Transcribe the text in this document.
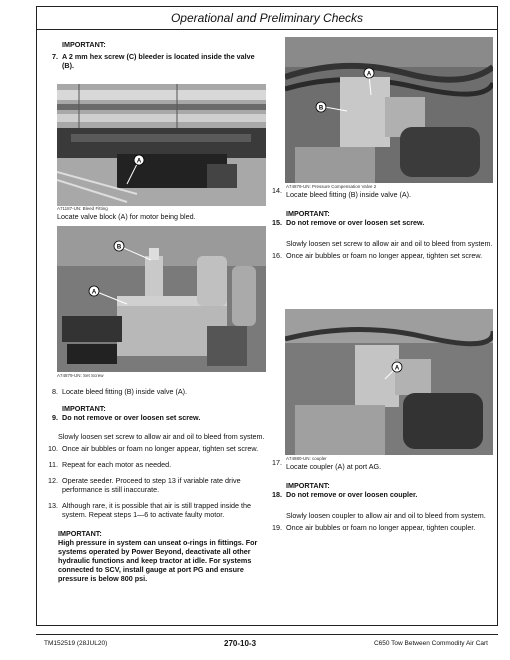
Operational and Preliminary Checks
IMPORTANT:
7. A 2 mm hex screw (C) bleeder is located inside the valve (B).
A
A71187-UN: Bleed Fitting
Locate valve block (A) for motor being bled.
A
B
A74879-UN: Set Screw
8. Locate bleed fitting (B) inside valve (A).
IMPORTANT:
9. Do not remove or over loosen set screw.
Slowly loosen set screw to allow air and oil to bleed from system.
10. Once air bubbles or foam no longer appear, tighten set screw.
11. Repeat for each motor as needed.
12. Operate seeder. Proceed to step 13 if variable rate drive performance is still inaccurate.
13. Although rare, it is possible that air is still trapped inside the system. Repeat steps 1—6 to activate faulty motor.
IMPORTANT:
High pressure in system can unseat o-rings in fittings. For systems operated by Power Beyond, deactivate all other hydraulic functions and keep tractor at idle. For systems connected to SCV, install gauge at port PG and ensure pressure is below 800 psi.
A
B
14. A74879-UN: Pressure Compensation Valve 2
Locate bleed fitting (B) inside valve (A).
IMPORTANT:
15. Do not remove or over loosen set screw.
Slowly loosen set screw to allow air and oil to bleed from system.
16. Once air bubbles or foam no longer appear, tighten set screw.
A
17. A74880-UN: coupler
Locate coupler (A) at port AG.
IMPORTANT:
18. Do not remove or over loosen coupler.
Slowly loosen coupler to allow air and oil to bleed from system.
19. Once air bubbles or foam no longer appear, tighten coupler.
TM152519 (28JUL20)	270-10-3	C650 Tow Between Commodity Air Cart
